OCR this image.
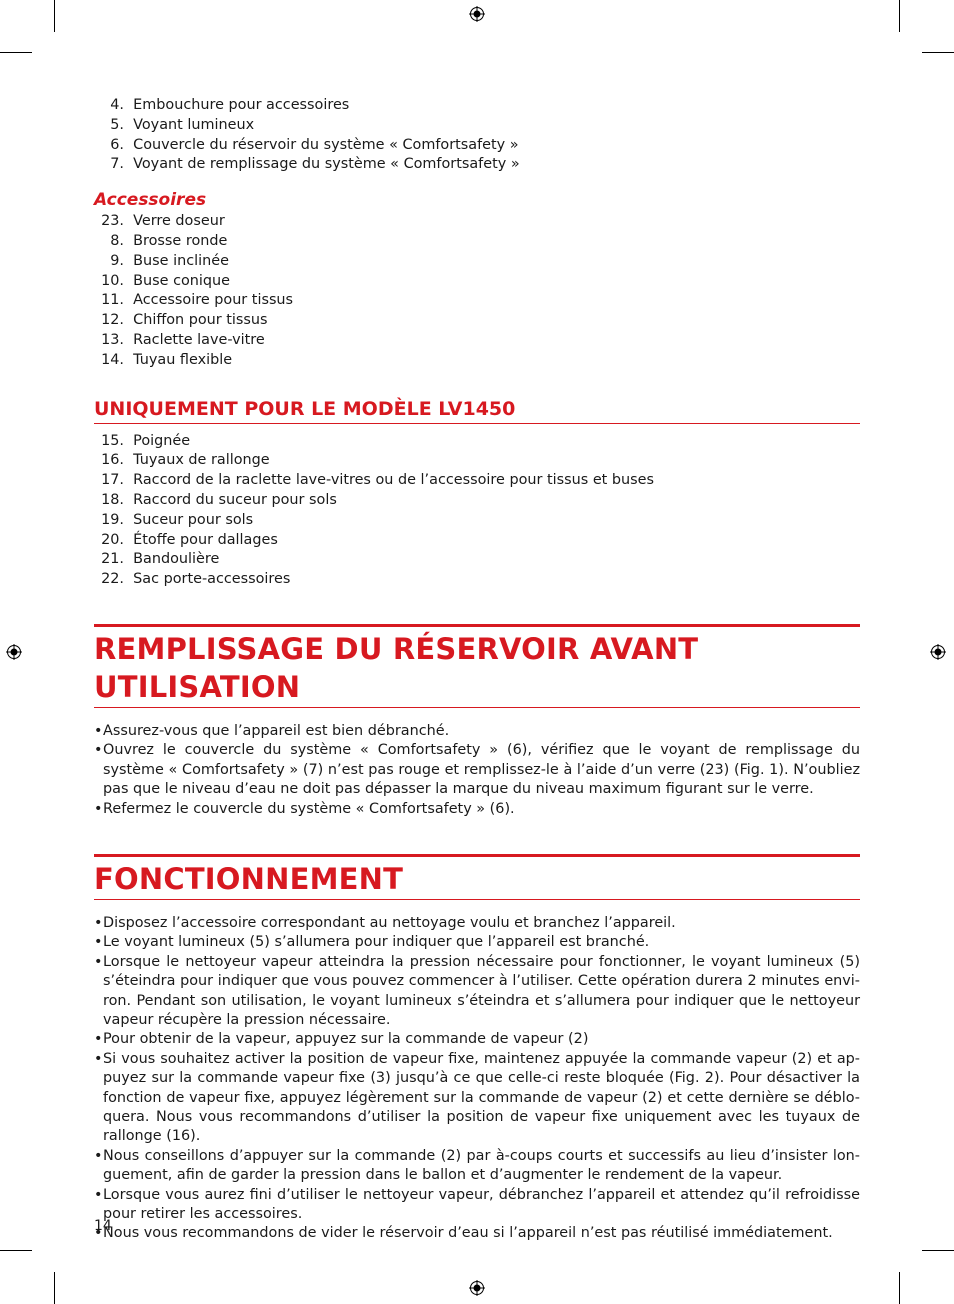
4.
Embouchure pour accessoires
5.
Voyant lumineux
6.
Couvercle du réservoir du système « Comfortsafety »
7.
Voyant de remplissage du système « Comfortsafety »
Accessoires
23.
Verre doseur
8.
Brosse ronde
9.
Buse inclinée
10.
Buse conique
11.
Accessoire pour tissus
12.
Chiffon pour tissus
13.
Raclette lave-vitre
14.
Tuyau flexible
UNIQUEMENT POUR LE MODÈLE LV1450
15.
Poignée
16.
Tuyaux de rallonge
17.
Raccord de la raclette lave-vitres ou de l’accessoire pour tissus et buses
18.
Raccord du suceur pour sols
19.
Suceur pour sols
20.
Étoffe pour dallages
21.
Bandoulière
22.
Sac porte-accessoires
REMPLISSAGE DU RÉSERVOIR AVANT UTILISATION
• Assurez-vous que l’appareil est bien débranché.
• Ouvrez le couvercle du système « Comfortsafety » (6), vérifiez que le voyant de remplissage du système « Comfortsafety » (7) n’est pas rouge et remplissez-le à l’aide d’un verre (23) (Fig. 1). N’oubliez pas que le niveau d’eau ne doit pas dépasser la marque du niveau maximum figurant sur le verre.
• Refermez le couvercle du système « Comfortsafety » (6).
FONCTIONNEMENT
• Disposez l’accessoire correspondant au nettoyage voulu et branchez l’appareil.
• Le voyant lumineux (5) s’allumera pour indiquer que l’appareil est branché.
• Lorsque le nettoyeur vapeur atteindra la pression nécessaire pour fonctionner, le voyant lumineux (5) s’éteindra pour indiquer que vous pouvez commencer à l’utiliser. Cette opération durera 2 minutes envi-ron. Pendant son utilisation, le voyant lumineux s’éteindra et s’allumera pour indiquer que le nettoyeur vapeur récupère la pression nécessaire.
• Pour obtenir de la vapeur, appuyez sur la commande de vapeur (2)
• Si vous souhaitez activer la position de vapeur fixe, maintenez appuyée la commande vapeur (2) et ap-puyez sur la commande vapeur fixe (3) jusqu’à ce que celle-ci reste bloquée (Fig. 2). Pour désactiver la fonction de vapeur fixe, appuyez légèrement sur la commande de vapeur (2) et cette dernière se déblo-quera. Nous vous recommandons d’utiliser la position de vapeur fixe uniquement avec les tuyaux de rallonge (16).
• Nous conseillons d’appuyer sur la commande (2) par à-coups courts et successifs au lieu d’insister lon-guement, afin de garder la pression dans le ballon et d’augmenter le rendement de la vapeur.
• Lorsque vous aurez fini d’utiliser le nettoyeur vapeur, débranchez l’appareil et attendez qu’il refroidisse pour retirer les accessoires.
• Nous vous recommandons de vider le réservoir d’eau si l’appareil n’est pas réutilisé immédiatement.
14
